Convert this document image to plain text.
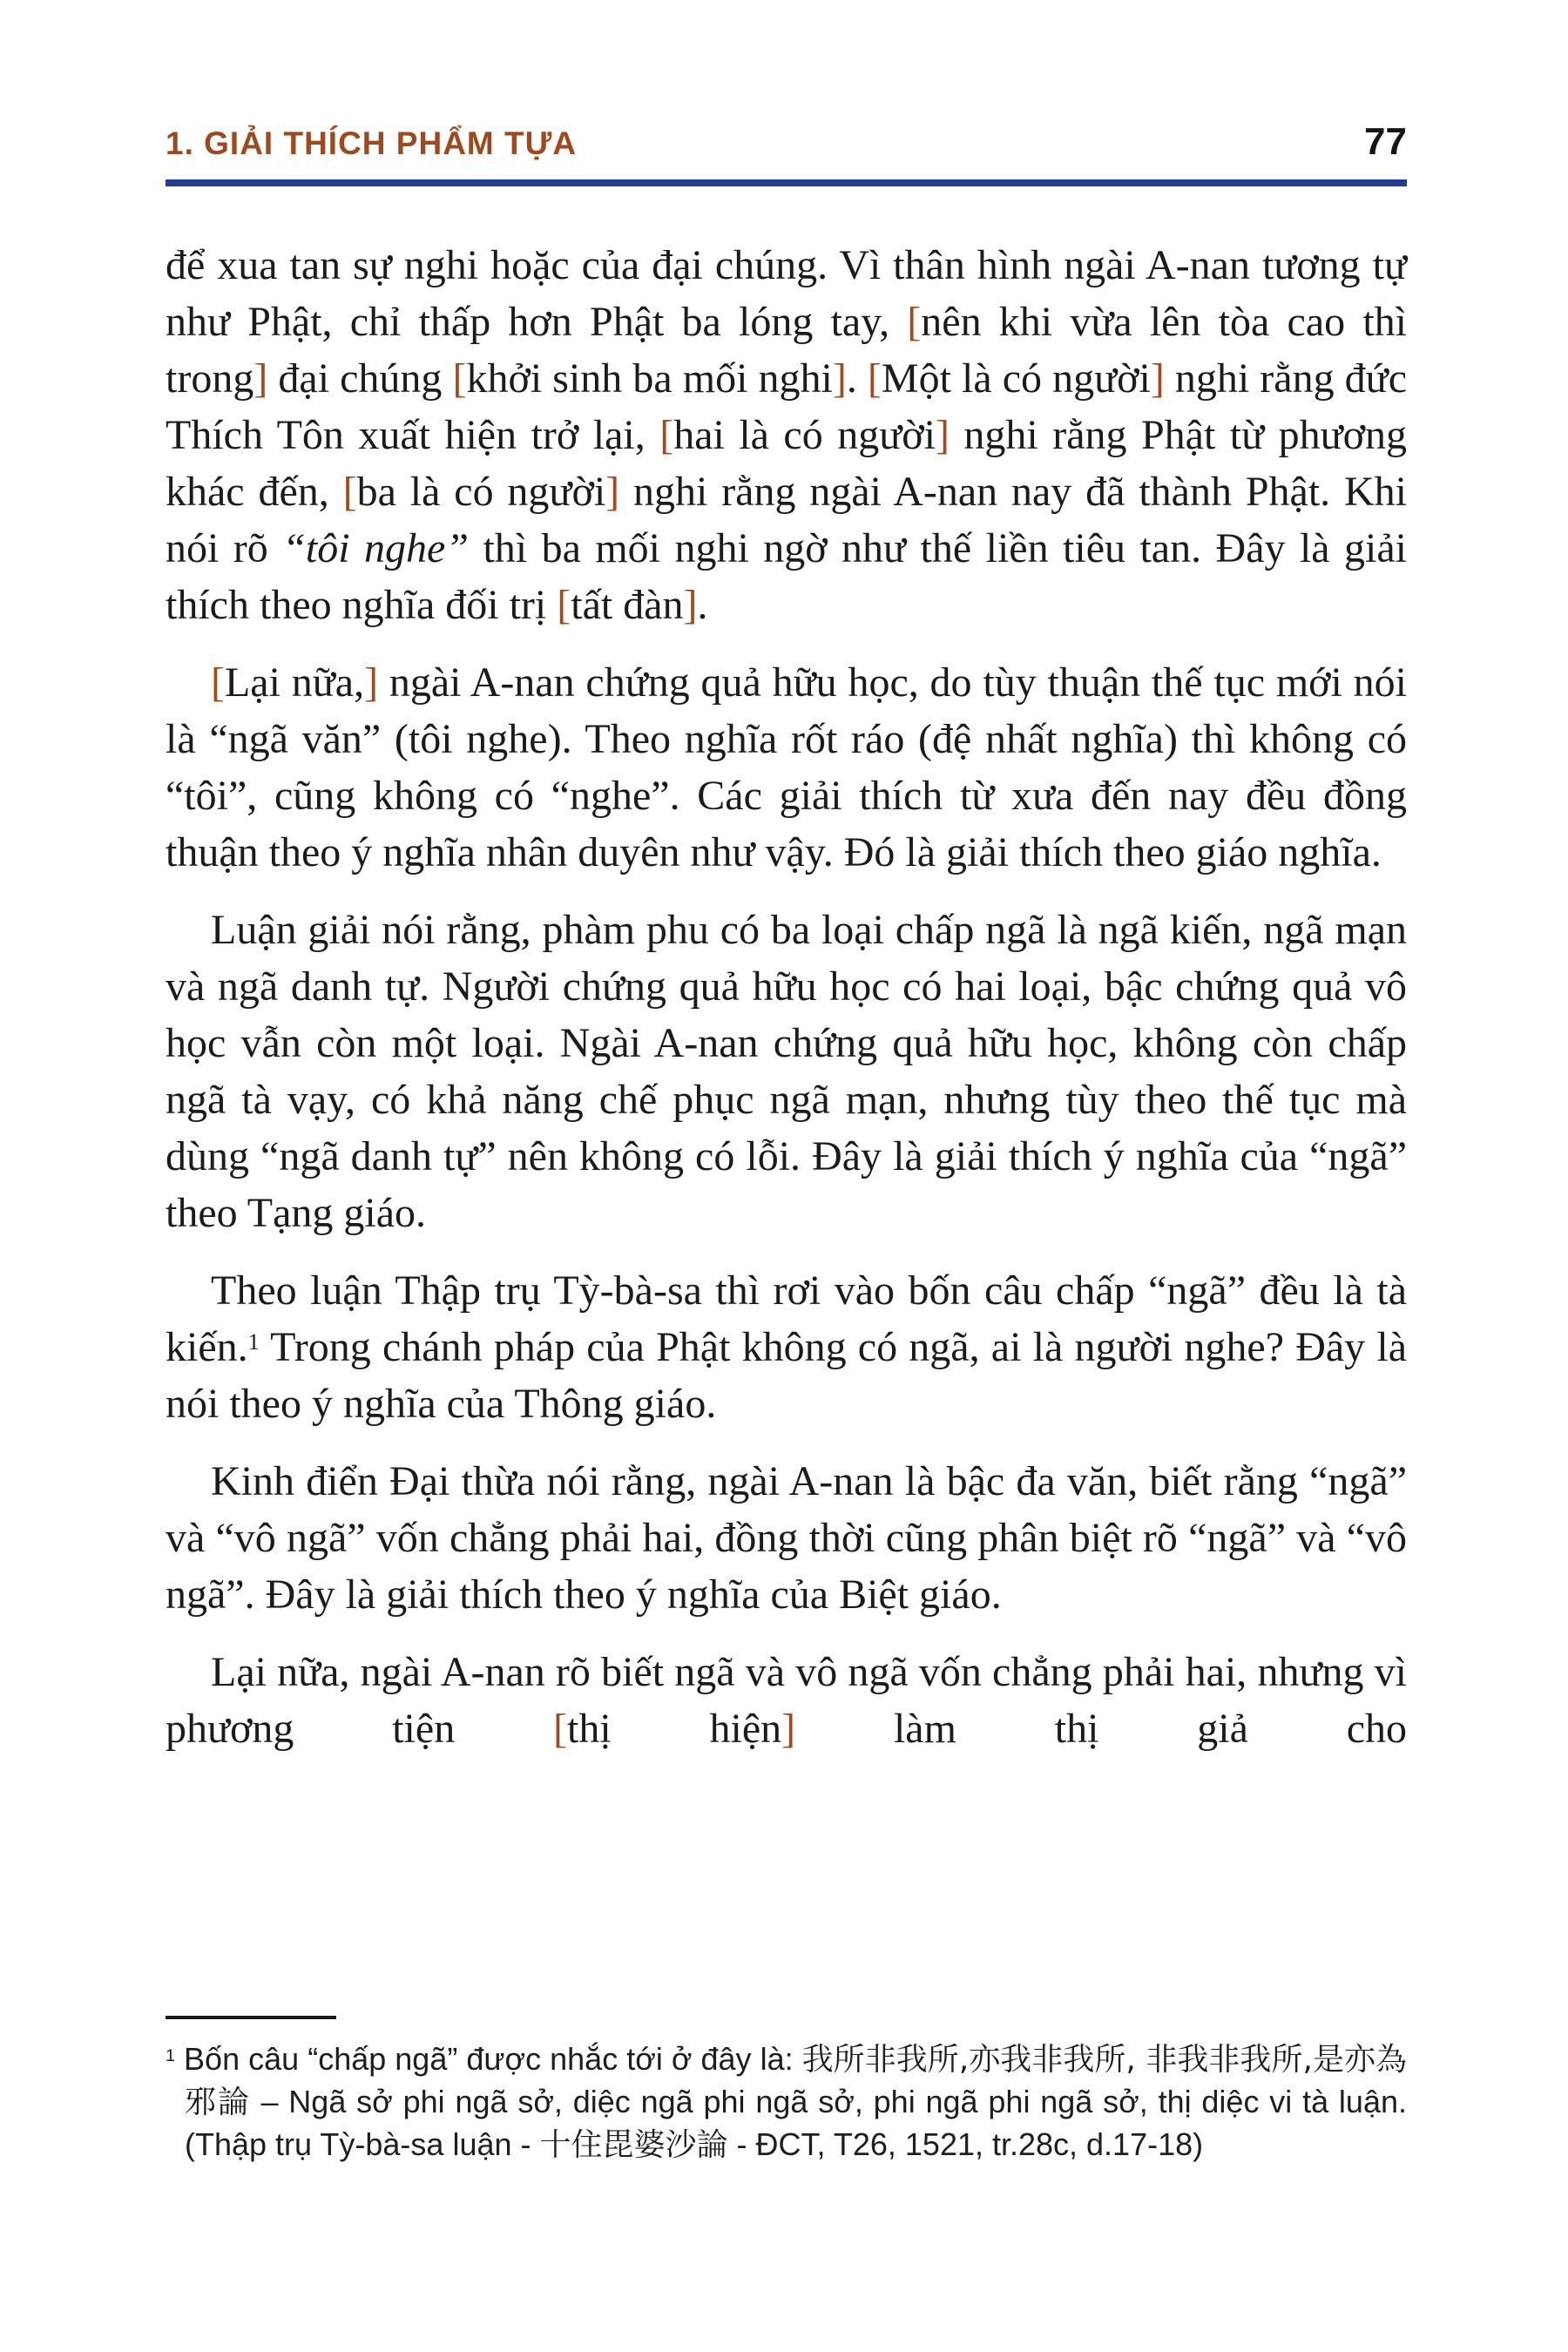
1. GIẢI THÍCH PHẨM TỰA	77

để xua tan sự nghi hoặc của đại chúng. Vì thân hình ngài A-nan tương tự như Phật, chỉ thấp hơn Phật ba lóng tay, [nên khi vừa lên tòa cao thì trong] đại chúng [khởi sinh ba mối nghi]. [Một là có người] nghi rằng đức Thích Tôn xuất hiện trở lại, [hai là có người] nghi rằng Phật từ phương khác đến, [ba là có người] nghi rằng ngài A-nan nay đã thành Phật. Khi nói rõ “tôi nghe” thì ba mối nghi ngờ như thế liền tiêu tan. Đây là giải thích theo nghĩa đối trị [tất đàn].

[Lại nữa,] ngài A-nan chứng quả hữu học, do tùy thuận thế tục mới nói là “ngã văn” (tôi nghe). Theo nghĩa rốt ráo (đệ nhất nghĩa) thì không có “tôi”, cũng không có “nghe”. Các giải thích từ xưa đến nay đều đồng thuận theo ý nghĩa nhân duyên như vậy. Đó là giải thích theo giáo nghĩa.

Luận giải nói rằng, phàm phu có ba loại chấp ngã là ngã kiến, ngã mạn và ngã danh tự. Người chứng quả hữu học có hai loại, bậc chứng quả vô học vẫn còn một loại. Ngài A-nan chứng quả hữu học, không còn chấp ngã tà vạy, có khả năng chế phục ngã mạn, nhưng tùy theo thế tục mà dùng “ngã danh tự” nên không có lỗi. Đây là giải thích ý nghĩa của “ngã” theo Tạng giáo.

Theo luận Thập trụ Tỳ-bà-sa thì rơi vào bốn câu chấp “ngã” đều là tà kiến.$^1$ Trong chánh pháp của Phật không có ngã, ai là người nghe? Đây là nói theo ý nghĩa của Thông giáo.

Kinh điển Đại thừa nói rằng, ngài A-nan là bậc đa văn, biết rằng “ngã” và “vô ngã” vốn chẳng phải hai, đồng thời cũng phân biệt rõ “ngã” và “vô ngã”. Đây là giải thích theo ý nghĩa của Biệt giáo.

Lại nữa, ngài A-nan rõ biết ngã và vô ngã vốn chẳng phải hai, nhưng vì phương tiện [thị hiện] làm thị giả cho

$^1$ Bốn câu “chấp ngã” được nhắc tới ở đây là: 我所非我所,亦我非我所, 非我非我所,是亦為邪論 – Ngã sở phi ngã sở, diệc ngã phi ngã sở, phi ngã phi ngã sở, thị diệc vi tà luận. (Thập trụ Tỳ-bà-sa luận - 十住毘婆沙論 - ĐCT, T26, 1521, tr.28c, d.17-18)
